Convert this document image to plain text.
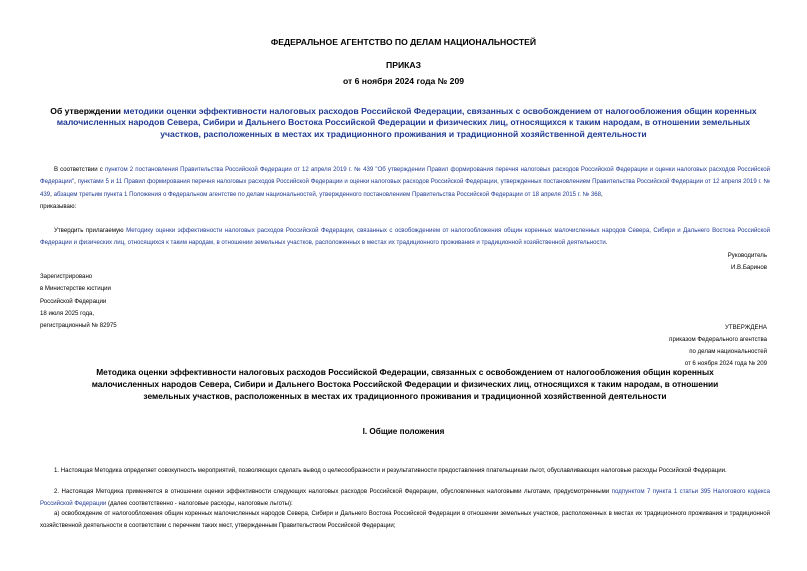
ФЕДЕРАЛЬНОЕ АГЕНТСТВО ПО ДЕЛАМ НАЦИОНАЛЬНОСТЕЙ
ПРИКАЗ
от 6 ноября 2024 года № 209
Об утверждении методики оценки эффективности налоговых расходов Российской Федерации, связанных с освобождением от налогообложения общин коренных малочисленных народов Севера, Сибири и Дальнего Востока Российской Федерации и физических лиц, относящихся к таким народам, в отношении земельных участков, расположенных в местах их традиционного проживания и традиционной хозяйственной деятельности
В соответствии с пунктом 2 постановления Правительства Российской Федерации от 12 апреля 2019 г. № 439 "Об утверждении Правил формирования перечня налоговых расходов Российской Федерации и оценки налоговых расходов Российской Федерации", пунктами 5 и 11 Правил формирования перечня налоговых расходов Российской Федерации и оценки налоговых расходов Российской Федерации, утвержденных постановлением Правительства Российской Федерации от 12 апреля 2019 г. № 439, абзацем третьим пункта 1 Положения о Федеральном агентстве по делам национальностей, утвержденного постановлением Правительства Российской Федерации от 18 апреля 2015 г. № 368,
приказываю:
Утвердить прилагаемую Методику оценки эффективности налоговых расходов Российской Федерации, связанных с освобождением от налогообложения общин коренных малочисленных народов Севера, Сибири и Дальнего Востока Российской Федерации и физических лиц, относящихся к таким народам, в отношении земельных участков, расположенных в местах их традиционного проживания и традиционной хозяйственной деятельности.
Руководитель
И.В.Баринов
Зарегистрировано
в Министерстве юстиции
Российской Федерации
18 июля 2025 года,
регистрационный № 82975	УТВЕРЖДЕНА
приказом Федерального агентства
по делам национальностей
от 6 ноября 2024 года № 209
Методика оценки эффективности налоговых расходов Российской Федерации, связанных с освобождением от налогообложения общин коренных малочисленных народов Севера, Сибири и Дальнего Востока Российской Федерации и физических лиц, относящихся к таким народам, в отношении земельных участков, расположенных в местах их традиционного проживания и традиционной хозяйственной деятельности
I. Общие положения
1. Настоящая Методика определяет совокупность мероприятий, позволяющих сделать вывод о целесообразности и результативности предоставления плательщикам льгот, обуславливающих налоговые расходы Российской Федерации.
2. Настоящая Методика применяется в отношении оценки эффективности следующих налоговых расходов Российской Федерации, обусловленных налоговыми льготами, предусмотренными подпунктом 7 пункта 1 статьи 395 Налогового кодекса Российской Федерации (далее соответственно - налоговые расходы, налоговые льготы):
а) освобождение от налогообложения общин коренных малочисленных народов Севера, Сибири и Дальнего Востока Российской Федерации в отношении земельных участков, расположенных в местах их традиционного проживания и традиционной хозяйственной деятельности в соответствии с перечнем таких мест, утвержденным Правительством Российской Федерации;
